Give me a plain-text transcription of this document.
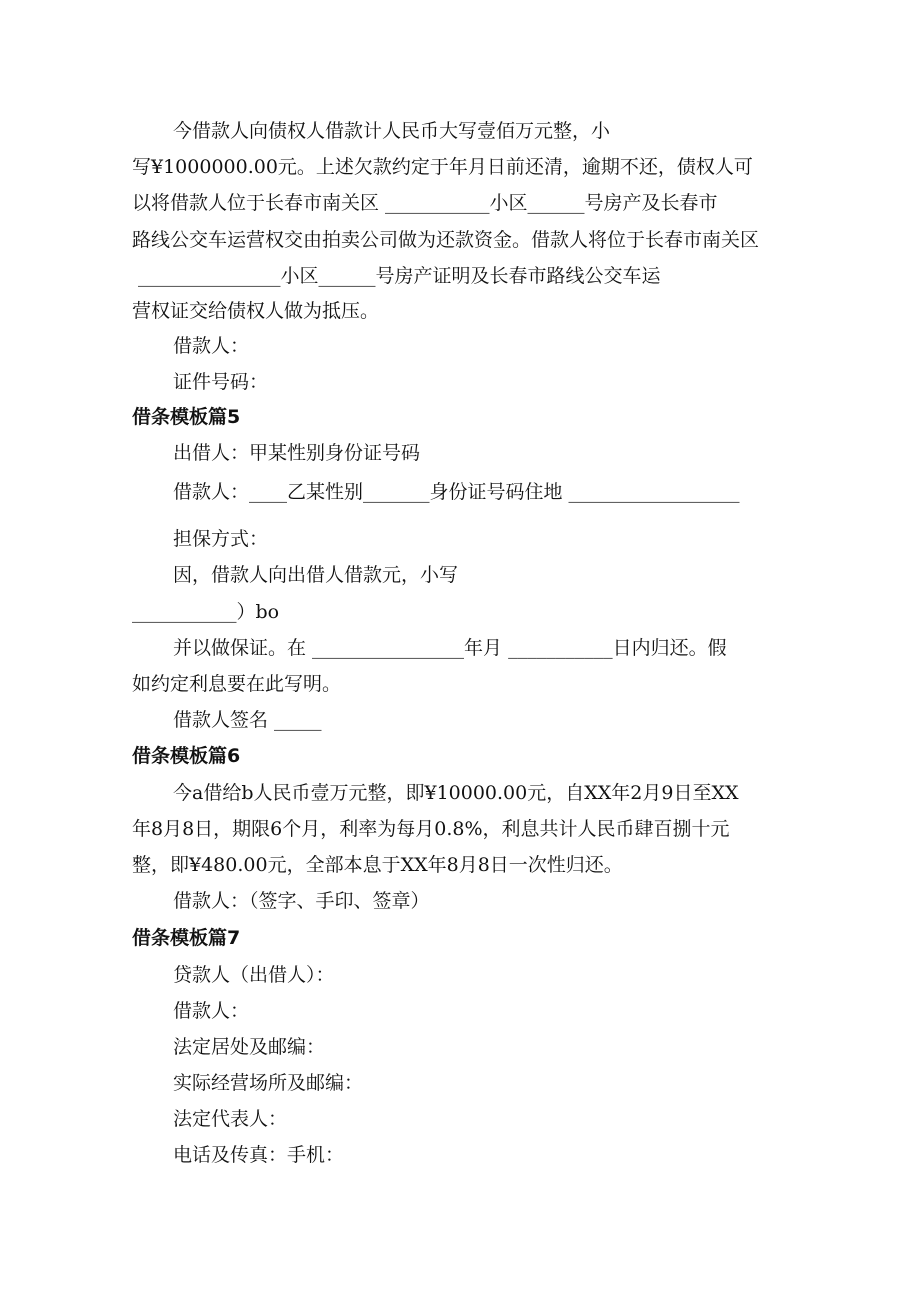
今借款人向债权人借款计人民币大写壹佰万元整，小
写¥1000000.00元。上述欠款约定于年月日前还清，逾期不还，债权人可
以将借款人位于长春市南关区 ___________小区______号房产及长春市
路线公交车运营权交由拍卖公司做为还款资金。借款人将位于长春市南关区
_______________小区______号房产证明及长春市路线公交车运
营权证交给债权人做为抵压。
借款人：
证件号码：
借条模板篇5
出借人：甲某性别身份证号码
借款人：____乙某性别_______身份证号码住地 __________________
担保方式：
因，借款人向出借人借款元，小写
___________）bo
并以做保证。在 ________________年月 ___________日内归还。假
如约定利息要在此写明。
借款人签名 _____
借条模板篇6
今a借给b人民币壹万元整，即¥10000.00元，自XX年2月9日至XX
年8月8日，期限6个月，利率为每月0.8%，利息共计人民币肆百捌十元
整，即¥480.00元，全部本息于XX年8月8日一次性归还。
借款人：（签字、手印、签章）
借条模板篇7
贷款人（出借人）：
借款人：
法定居处及邮编：
实际经营场所及邮编：
法定代表人：
电话及传真：手机：
